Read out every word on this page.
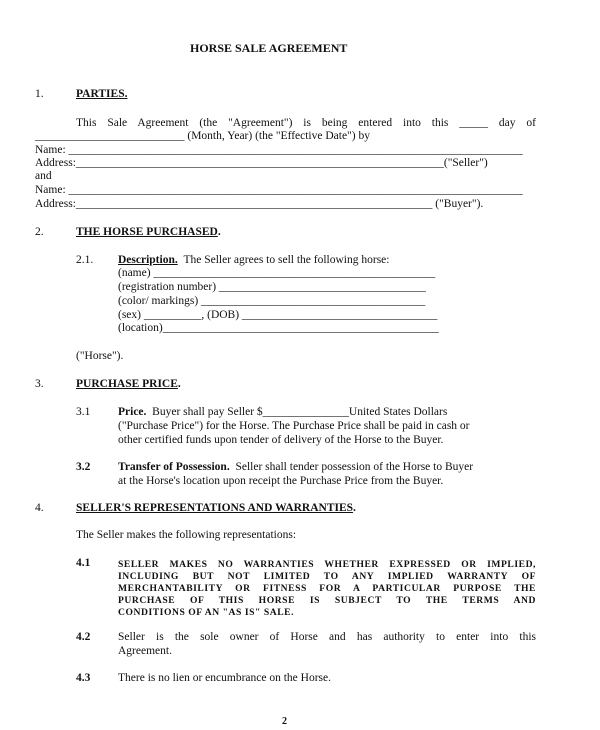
HORSE SALE AGREEMENT
1.	PARTIES.
This Sale Agreement (the "Agreement") is being entered into this _____ day of
__________________________ (Month, Year) (the "Effective Date") by
Name: _______________________________________________________________________________
Address:________________________________________________________________("Seller")
and
Name: _______________________________________________________________________________
Address:______________________________________________________________ ("Buyer").
2.	THE HORSE PURCHASED.
2.1. Description. The Seller agrees to sell the following horse:
(name) _________________________________________________
(registration number) ____________________________________
(color/ markings) _______________________________________
(sex) __________, (DOB) __________________________________
(location)________________________________________________
("Horse").
3.	PURCHASE PRICE.
3.1 Price. Buyer shall pay Seller $_______________United States Dollars
("Purchase Price") for the Horse. The Purchase Price shall be paid in cash or
other certified funds upon tender of delivery of the Horse to the Buyer.
3.2 Transfer of Possession. Seller shall tender possession of the Horse to Buyer
at the Horse's location upon receipt the Purchase Price from the Buyer.
4.	SELLER'S REPRESENTATIONS AND WARRANTIES.
The Seller makes the following representations:
4.1	SELLER MAKES NO WARRANTIES WHETHER EXPRESSED OR IMPLIED,
INCLUDING BUT NOT LIMITED TO ANY IMPLIED WARRANTY OF
MERCHANTABILITY OR FITNESS FOR A PARTICULAR PURPOSE THE
PURCHASE OF THIS HORSE IS SUBJECT TO THE TERMS AND
CONDITIONS OF AN "AS IS" SALE.
4.2 Seller is the sole owner of Horse and has authority to enter into this
Agreement.
4.3 There is no lien or encumbrance on the Horse.
2
